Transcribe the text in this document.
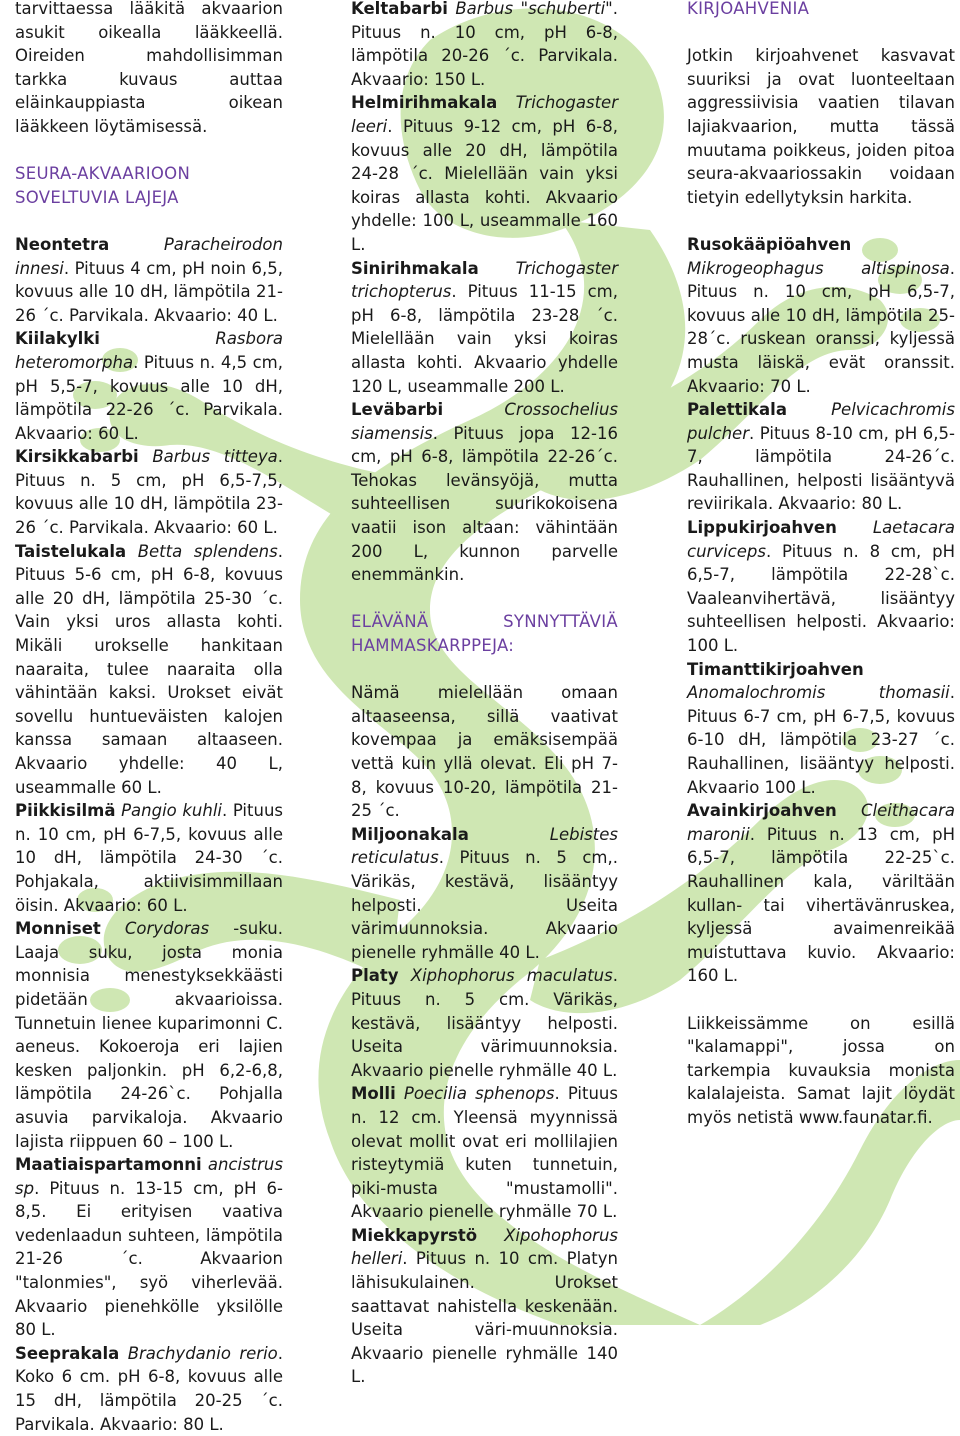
tarvittaessa lääkitä akvaarion asukit oikealla lääkkeellä. Oireiden mahdollisimman tarkka kuvaus auttaa eläinkauppiasta oikean lääkkeen löytämisessä.

SEURA-AKVAARIOON SOVELTUVIA LAJEJA

Neontetra	Paracheirodon innesi. Pituus 4 cm, pH noin 6,5, kovuus alle 10 dH, lämpötila 21-26 ´c. Parvikala. Akvaario: 40 L.

Kiilakylki	Rasbora heteromorpha. Pituus n. 4,5 cm, pH 5,5-7, kovuus alle 10 dH, lämpötila 22-26 ´c. Parvikala. Akvaario: 60 L.

Kirsikkabarbi Barbus titteya. Pituus n. 5 cm, pH 6,5-7,5, kovuus alle 10 dH, lämpötila 23-26 ´c. Parvikala. Akvaario: 60 L.

Taistelukala Betta splendens. Pituus 5-6 cm, pH 6-8, kovuus alle 20 dH, lämpötila 25-30 ´c. Vain yksi uros allasta kohti. Mikäli urokselle hankitaan naaraita, tulee naaraita olla vähintään kaksi. Urokset eivät sovellu huntueväisten kalojen kanssa samaan altaaseen. Akvaario yhdelle: 40 L, useammalle 60 L.

Piikkisilmä Pangio kuhli. Pituus n. 10 cm, pH 6-7,5, kovuus alle 10 dH, lämpötila 24-30 ´c. Pohjakala, aktiivisimmillaan öisin. Akvaario: 60 L.

Monniset Corydoras -suku. Laaja suku, josta monia monnisia menestyksekkäästi pidetään akvaarioissa. Tunnetuin lienee kuparimonni C. aeneus. Kokoeroja eri lajien kesken paljonkin. pH 6,2-6,8, lämpötila 24-26`c. Pohjalla asuvia parvikaloja. Akvaario lajista riippuen 60 – 100 L.

Maatiaispartamonni ancistrus sp. Pituus n. 13-15 cm, pH 6-8,5. Ei erityisen vaativa vedenlaadun suhteen, lämpötila 21-26 ´c. Akvaarion "talonmies", syö viherlevää. Akvaario pienehkölle yksilölle 80 L.

Seeprakala Brachydanio rerio. Koko 6 cm. pH 6-8, kovuus alle 15 dH, lämpötila 20-25 ´c. Parvikala. Akvaario: 80 L.

Keltabarbi Barbus "schuberti". Pituus n. 10 cm, pH 6-8, lämpötila 20-26 ´c. Parvikala. Akvaario: 150 L.

Helmirihmakala Trichogaster leeri. Pituus 9-12 cm, pH 6-8, kovuus alle 20 dH, lämpötila 24-28 ´c. Mielellään vain yksi koiras allasta kohti. Akvaario yhdelle: 100 L, useammalle 160 L.

Sinirihmakala Trichogaster trichopterus. Pituus 11-15 cm, pH 6-8, lämpötila 23-28 ´c. Mielellään vain yksi koiras allasta kohti. Akvaario yhdelle 120 L, useammalle 200 L.

Leväbarbi	Crossochelius siamensis. Pituus jopa 12-16 cm, pH 6-8, lämpötila 22-26´c. Tehokas levänsyöjä, mutta suhteellisen suurikokoisena vaatii ison altaan: vähintään 200 L, kunnon parvelle enemmänkin.

ELÄVÄNÄ SYNNYTTÄVIÄ HAMMASKARPPEJA:

Nämä mielellään omaan altaaseensa, sillä vaativat kovempaa ja emäksisempää vettä kuin yllä olevat. Eli pH 7-8, kovuus 10-20, lämpötila 21-25 ´c.

Miljoonakala	Lebistes reticulatus. Pituus n. 5 cm,. Värikäs, kestävä, lisääntyy helposti. Useita värimuunnoksia. Akvaario pienelle ryhmälle 40 L.

Platy Xiphophorus maculatus. Pituus n. 5 cm. Värikäs, kestävä, lisääntyy helposti. Useita värimuunnoksia. Akvaario pienelle ryhmälle 40 L.

Molli Poecilia sphenops. Pituus n. 12 cm. Yleensä myynnissä olevat mollit ovat eri mollilajien risteytymiä kuten tunnetuin, piki-musta "mustamolli". Akvaario pienelle ryhmälle 70 L.

Miekkapyrstö Xipohophorus helleri. Pituus n. 10 cm. Platyn lähisukulainen. Urokset saattavat nahistella keskenään. Useita väri-muunnoksia. Akvaario pienelle ryhmälle 140 L.

KIRJOAHVENIA

Jotkin kirjoahvenet kasvavat suuriksi ja ovat luonteeltaan aggressiivisia vaatien tilavan lajiakvaarion, mutta tässä muutama poikkeus, joiden pitoa seura-akvaariossakin voidaan tietyin edellytyksin harkita.

Rusokääpiöahven Mikrogeophagus altispinosa. Pituus n. 10 cm, pH 6,5-7, kovuus alle 10 dH, lämpötila 25-28´c. ruskean oranssi, kyljessä musta läiskä, evät oranssit. Akvaario: 70 L.

Palettikala	Pelvicachromis pulcher. Pituus 8-10 cm, pH 6,5-7, lämpötila 24-26´c. Rauhallinen, helposti lisääntyvä reviirikala. Akvaario: 80 L.

Lippukirjoahven Laetacara curviceps. Pituus n. 8 cm, pH 6,5-7, lämpötila 22-28`c. Vaaleanvihertävä, lisääntyy suhteellisen helposti. Akvaario: 100 L.

Timanttikirjoahven Anomalochromis thomasii. Pituus 6-7 cm, pH 6-7,5, kovuus 6-10 dH, lämpötila 23-27 ´c. Rauhallinen, lisääntyy helposti. Akvaario 100 L.

Avainkirjoahven Cleithacara maronii. Pituus n. 13 cm, pH 6,5-7, lämpötila 22-25`c. Rauhallinen kala, väriltään kullan- tai vihertävänruskea, kyljessä avaimenreikää muistuttava kuvio. Akvaario: 160 L.

Liikkeissämme on esillä "kalamappi", jossa on tarkempia kuvauksia monista kalalajeista. Samat lajit löydät myös netistä www.faunatar.fi.
